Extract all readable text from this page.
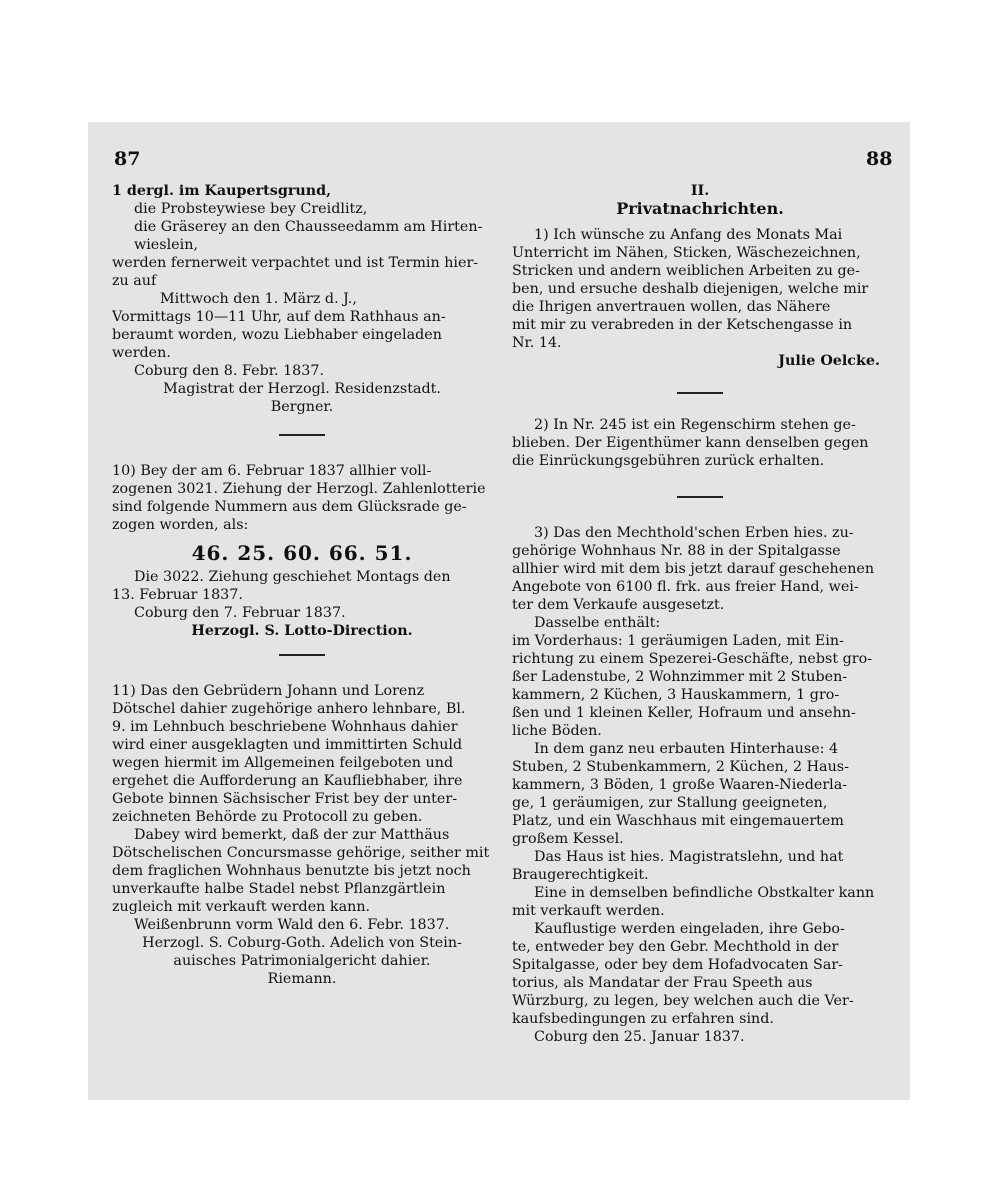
87	88
1 dergl. im Kaupertsgrund,
die Probsteywiese bey Creidlitz,
die Gräserey an den Chausseedamm am Hirten-
wieslein,
werden fernerweit verpachtet und ist Termin hier-
zu auf
Mittwoch den 1. März d. J.,
Vormittags 10—11 Uhr, auf dem Rathhaus an-
beraumt worden, wozu Liebhaber eingeladen
werden.
Coburg den 8. Febr. 1837.
Magistrat der Herzogl. Residenzstadt.
Bergner.
10) Bey der am 6. Februar 1837 allhier voll-
zogenen 3021. Ziehung der Herzogl. Zahlenlotterie
sind folgende Nummern aus dem Glücksrade ge-
zogen worden, als:
46. 25. 60. 66. 51.
Die 3022. Ziehung geschiehet Montags den
13. Februar 1837.
Coburg den 7. Februar 1837.
Herzogl. S. Lotto-Direction.
11) Das den Gebrüdern Johann und Lorenz
Dötschel dahier zugehörige anhero lehnbare, Bl.
9. im Lehnbuch beschriebene Wohnhaus dahier
wird einer ausgeklagten und immittirten Schuld
wegen hiermit im Allgemeinen feilgeboten und
ergehet die Aufforderung an Kaufliebhaber, ihre
Gebote binnen Sächsischer Frist bey der unter-
zeichneten Behörde zu Protocoll zu geben.
Dabey wird bemerkt, daß der zur Matthäus
Dötschelischen Concursmasse gehörige, seither mit
dem fraglichen Wohnhaus benutzte bis jetzt noch
unverkaufte halbe Stadel nebst Pflanzgärtlein
zugleich mit verkauft werden kann.
Weißenbrunn vorm Wald den 6. Febr. 1837.
Herzogl. S. Coburg-Goth. Adelich von Stein-
auisches Patrimonialgericht dahier.
Riemann.
II.
Privatnachrichten.
1) Ich wünsche zu Anfang des Monats Mai
Unterricht im Nähen, Sticken, Wäschezeichnen,
Stricken und andern weiblichen Arbeiten zu ge-
ben, und ersuche deshalb diejenigen, welche mir
die Ihrigen anvertrauen wollen, das Nähere
mit mir zu verabreden in der Ketschengasse in
Nr. 14.
Julie Oelcke.
2) In Nr. 245 ist ein Regenschirm stehen ge-
blieben. Der Eigenthümer kann denselben gegen
die Einrückungsgebühren zurück erhalten.
3) Das den Mechthold'schen Erben hies. zu-
gehörige Wohnhaus Nr. 88 in der Spitalgasse
allhier wird mit dem bis jetzt darauf geschehenen
Angebote von 6100 fl. frk. aus freier Hand, wei-
ter dem Verkaufe ausgesetzt.
Dasselbe enthält:
im Vorderhaus: 1 geräumigen Laden, mit Ein-
richtung zu einem Spezerei-Geschäfte, nebst gro-
ßer Ladenstube, 2 Wohnzimmer mit 2 Stuben-
kammern, 2 Küchen, 3 Hauskammern, 1 gro-
ßen und 1 kleinen Keller, Hofraum und ansehn-
liche Böden.
In dem ganz neu erbauten Hinterhause: 4
Stuben, 2 Stubenkammern, 2 Küchen, 2 Haus-
kammern, 3 Böden, 1 große Waaren-Niederla-
ge, 1 geräumigen, zur Stallung geeigneten,
Platz, und ein Waschhaus mit eingemauertem
großem Kessel.
Das Haus ist hies. Magistratslehn, und hat
Braugerechtigkeit.
Eine in demselben befindliche Obstkalter kann
mit verkauft werden.
Kauflustige werden eingeladen, ihre Gebo-
te, entweder bey den Gebr. Mechthold in der
Spitalgasse, oder bey dem Hofadvocaten Sar-
torius, als Mandatar der Frau Speeth aus
Würzburg, zu legen, bey welchen auch die Ver-
kaufsbedingungen zu erfahren sind.
Coburg den 25. Januar 1837.
